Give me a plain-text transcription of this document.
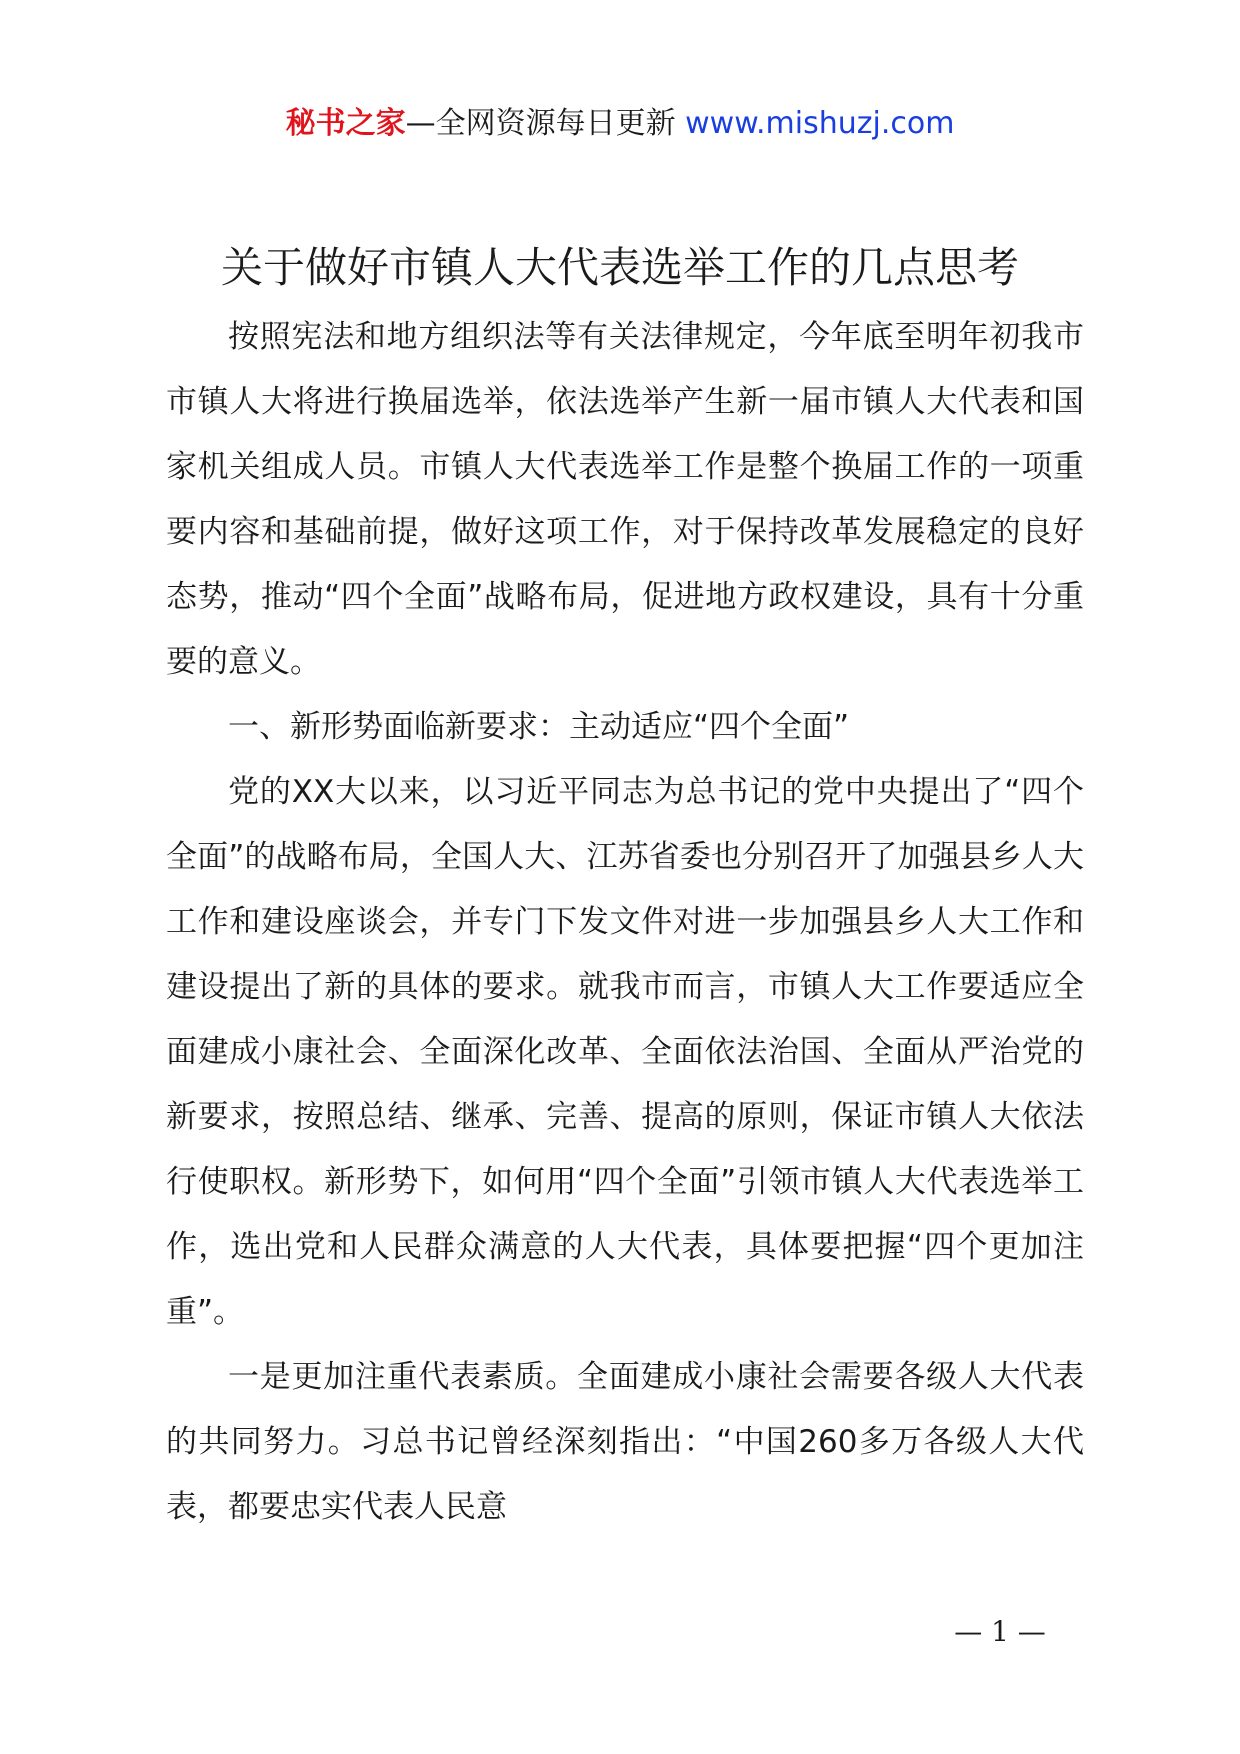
秘书之家—全网资源每日更新 www.mishuzj.com
关于做好市镇人大代表选举工作的几点思考

按照宪法和地方组织法等有关法律规定，今年底至明年初我市市镇人大将进行换届选举，依法选举产生新一届市镇人大代表和国家机关组成人员。市镇人大代表选举工作是整个换届工作的一项重要内容和基础前提，做好这项工作，对于保持改革发展稳定的良好态势，推动“四个全面”战略布局，促进地方政权建设，具有十分重要的意义。

一、新形势面临新要求：主动适应“四个全面”

党的XX大以来，以习近平同志为总书记的党中央提出了“四个全面”的战略布局，全国人大、江苏省委也分别召开了加强县乡人大工作和建设座谈会，并专门下发文件对进一步加强县乡人大工作和建设提出了新的具体的要求。就我市而言，市镇人大工作要适应全面建成小康社会、全面深化改革、全面依法治国、全面从严治党的新要求，按照总结、继承、完善、提高的原则，保证市镇人大依法行使职权。新形势下，如何用“四个全面”引领市镇人大代表选举工作，选出党和人民群众满意的人大代表，具体要把握“四个更加注重”。

一是更加注重代表素质。全面建成小康社会需要各级人大代表的共同努力。习总书记曾经深刻指出：“中国260多万各级人大代表，都要忠实代表人民意

— 1 —
